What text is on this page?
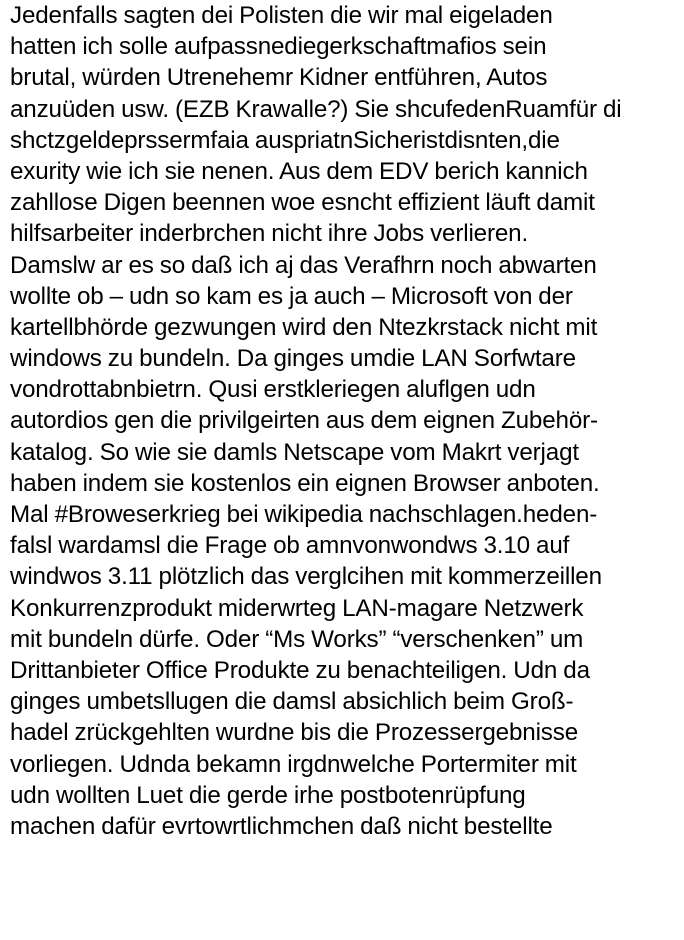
Jedenfalls sagten dei Polisten die wir mal eigeladen
hatten ich solle aufpassnediegerkschaftmafios sein
brutal, würden Utrenehemr Kidner entführen, Autos
anzuüden usw. (EZB Krawalle?) Sie shcufedenRuamfür di
shctzgeldeprssermfaia auspriatnSicheristdisnten,die
exurity wie ich sie nenen. Aus dem EDV berich kannich
zahllose Digen beennen woe esncht effizient läuft damit
hilfsarbeiter inderbrchen nicht ihre Jobs verlieren.
Damslw ar es so daß ich aj das Verafhrn noch abwarten
wollte ob – udn so kam es ja auch – Microsoft von der
kartellbhörde gezwungen wird den Ntezkrstack nicht mit
windows zu bundeln. Da ginges umdie LAN Sorfwtare
vondrottabnbietrn. Qusi erstkleriegen aluflgen udn
autordios gen die privilgeirten aus dem eignen Zubehör-
katalog. So wie sie damls Netscape vom Makrt verjagt
haben indem sie kostenlos ein eignen Browser anboten.
Mal #Broweserkrieg bei wikipedia nachschlagen.heden-
falsl wardamsl die Frage ob amnvonwondws 3.10 auf
windwos 3.11 plötzlich das verglcihen mit kommerzeillen
Konkurrenzprodukt miderwrteg LAN-magare Netzwerk
mit bundeln dürfe. Oder “Ms Works” “verschenken” um
Drittanbieter Office Produkte zu benachteiligen. Udn da
ginges umbetsllugen die damsl absichlich beim Groß-
hadel zrückgehlten wurdne bis die Prozessergebnisse
vorliegen. Udnda bekamn irgdnwelche Portermiter mit
udn wollten Luet die gerde irhe postbotenrüpfung
machen dafür evrtowrtlichmchen daß nicht bestellte
